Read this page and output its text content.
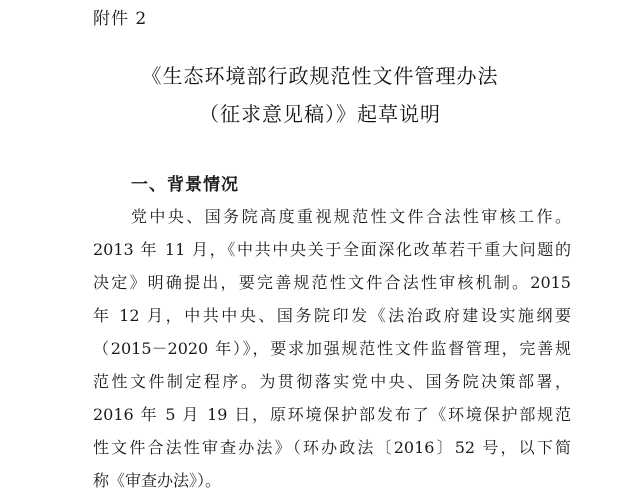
附件 2
《生态环境部行政规范性文件管理办法
（征求意见稿）》起草说明
一、背景情况
党中央、国务院高度重视规范性文件合法性审核工作。
2013 年 11 月，《中共中央关于全面深化改革若干重大问题的
决定》明确提出，要完善规范性文件合法性审核机制。2015
年 12 月，中共中央、国务院印发《法治政府建设实施纲要
（2015－2020 年）》，要求加强规范性文件监督管理，完善规
范性文件制定程序。为贯彻落实党中央、国务院决策部署，
2016 年 5 月 19 日，原环境保护部发布了《环境保护部规范
性文件合法性审查办法》（环办政法〔2016〕52 号，以下简
称《审查办法》）。
